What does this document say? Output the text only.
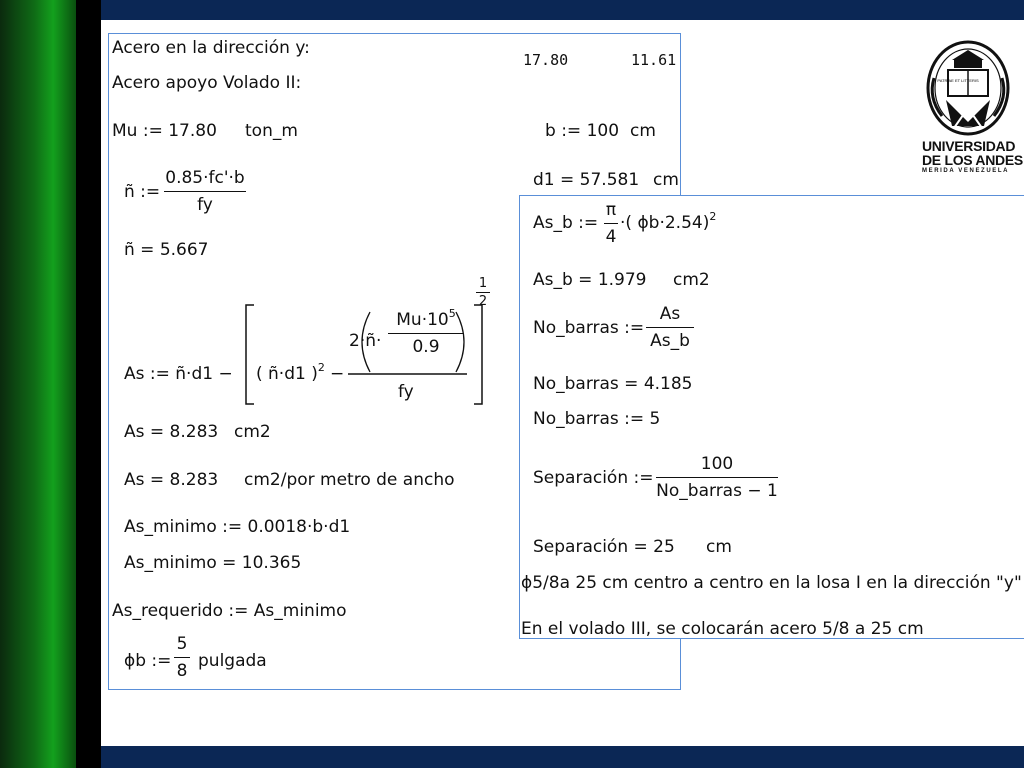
Acero en la dirección y:
17.80	11.61
Acero apoyo Volado II:
Mu := 17.80 ton_m	b := 100 cm
ñ :=
0.85·fc'·b
fy
d1 = 57.581 cm
ñ = 5.667
As := ñ·d1 − ( ñ·d1 )$^2$ −
2·ñ·
$Mu\cdot 10^5$
0.9
fy
1
2
As = 8.283 cm2
As = 8.283 cm2/por metro de ancho
As_minimo := 0.0018·b·d1
As_minimo = 10.365
As_requerido := As_minimo
ϕb :=
5
8 pulgada
As_b :=
π
4
·( ϕb·2.54)$^2$
As_b = 1.979 cm2
No_barras :=
As
As_b
No_barras = 4.185
No_barras := 5
Separación :=
100
No_barras − 1
Separación = 25 cm
ϕ5/8a 25 cm centro a centro en la losa I en la dirección "y"
En el volado III, se colocarán acero 5/8 a 25 cm
PATRIAE ET LITTERIS
UNIVERSIDAD
DE LOS ANDES
MERIDA VENEZUELA
